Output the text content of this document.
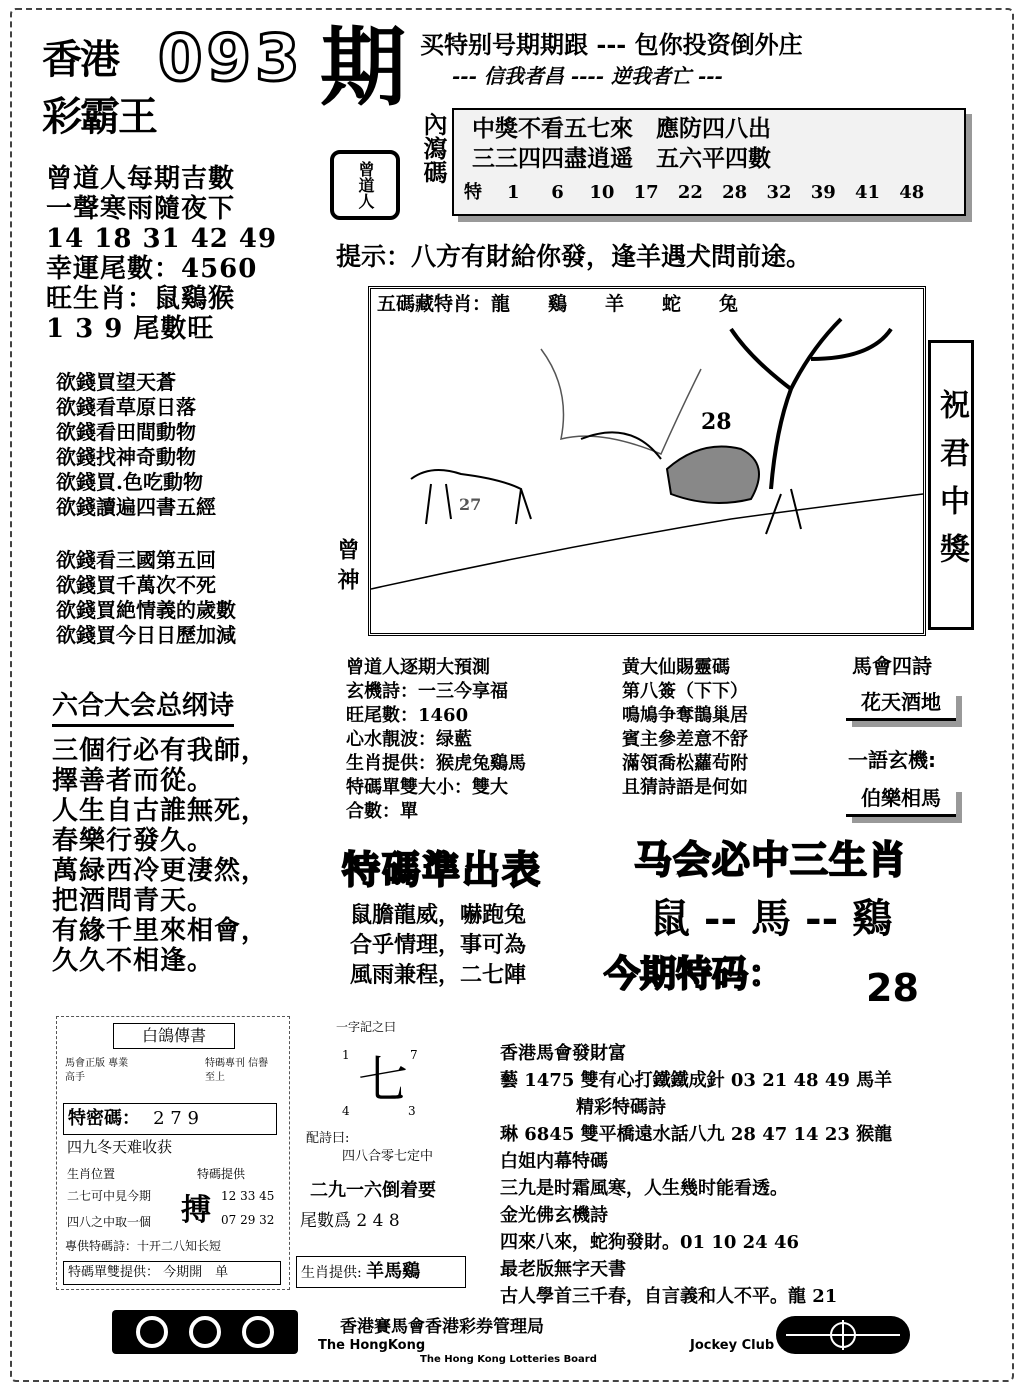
香港 093 期
彩霸王
买特别号期期跟 --- 包你投资倒外庄
--- 信我者昌 ---- 逆我者亡 ---
曾道人
內瀉碼 中獎不看五七來　應防四八出
三三四四盡逍遥　五六平四數
特 1 6 10 17 22 28 32 39 41 48
提示：八方有財給你發，逢羊遇犬問前途。
曾道人每期吉數
一聲寒雨隨夜下
14 18 31 42 49
幸運尾數：4560
旺生肖：鼠鷄猴
1 3 9 尾數旺
欲錢買望天蒼
欲錢看草原日落
欲錢看田間動物
欲錢找神奇動物
欲錢買.色吃動物
欲錢讀遍四書五經
欲錢看三國第五回
欲錢買千萬次不死
欲錢買絶情義的歲數
欲錢買今日日歷加減
六合大会总纲诗
三個行必有我師，
擇善者而從。
人生自古誰無死，
春樂行發久。
萬緑西冷更淒然，
把酒問青天。
有緣千里來相會，
久久不相逢。
曾神
五碼藏特肖：龍　　鷄　　羊　　蛇　　兔
28
27	祝君中獎
曾道人逐期大預測
玄機詩：一三今享福
旺尾數：1460
心水靚波：绿藍
生肖提供：猴虎兔鷄馬
特碼單雙大小：雙大
合數：單
黄大仙賜靈碼
第八簽（下下）
鳴鳩争奪鵲巢居
賓主參差意不舒
滿領喬松蘿茍附
且猜詩語是何如
馬會四詩
花天酒地
一語玄機:
伯樂相馬
特碼準出表
鼠膽龍威，嚇跑兔
合乎情理，事可為
風雨兼程，二七陣
马会必中三生肖
鼠 -- 馬 -- 鷄
今期特码： 28
白鴿傳書
馬會正版 專業高手
特碼專刊 信譽至上
特密碼： 2 7 9
四九冬天难收获
生肖位置	特碼提供
二七可中見今期
四八之中取一個 搏 12 33 45
07 29 32
專供特碼詩：十开二八知长短
特碼單雙提供： 今期開　单
一字記之曰
1	7
七
4	3
配詩曰:
四八合零七定中
二九一六倒着要
尾數爲 2 4 8
生肖提供: 羊馬鷄
香港馬會發財富
藝 1475 雙有心打鐵鐵成針 03 21 48 49 馬羊
精彩特碼詩
琳 6845 雙平橋遠水話八九 28 47 14 23 猴龍
白姐内幕特碼
三九是时霜風寒，人生幾时能看透。
金光佛玄機詩
四來八來，蛇狗發財。01 10 24 46
最老版無字天書
古人學首三千春，自言義和人不平。龍 21
香港賽馬會香港彩券管理局
The HongKong	Jockey Club
The Hong Kong Lotteries Board
